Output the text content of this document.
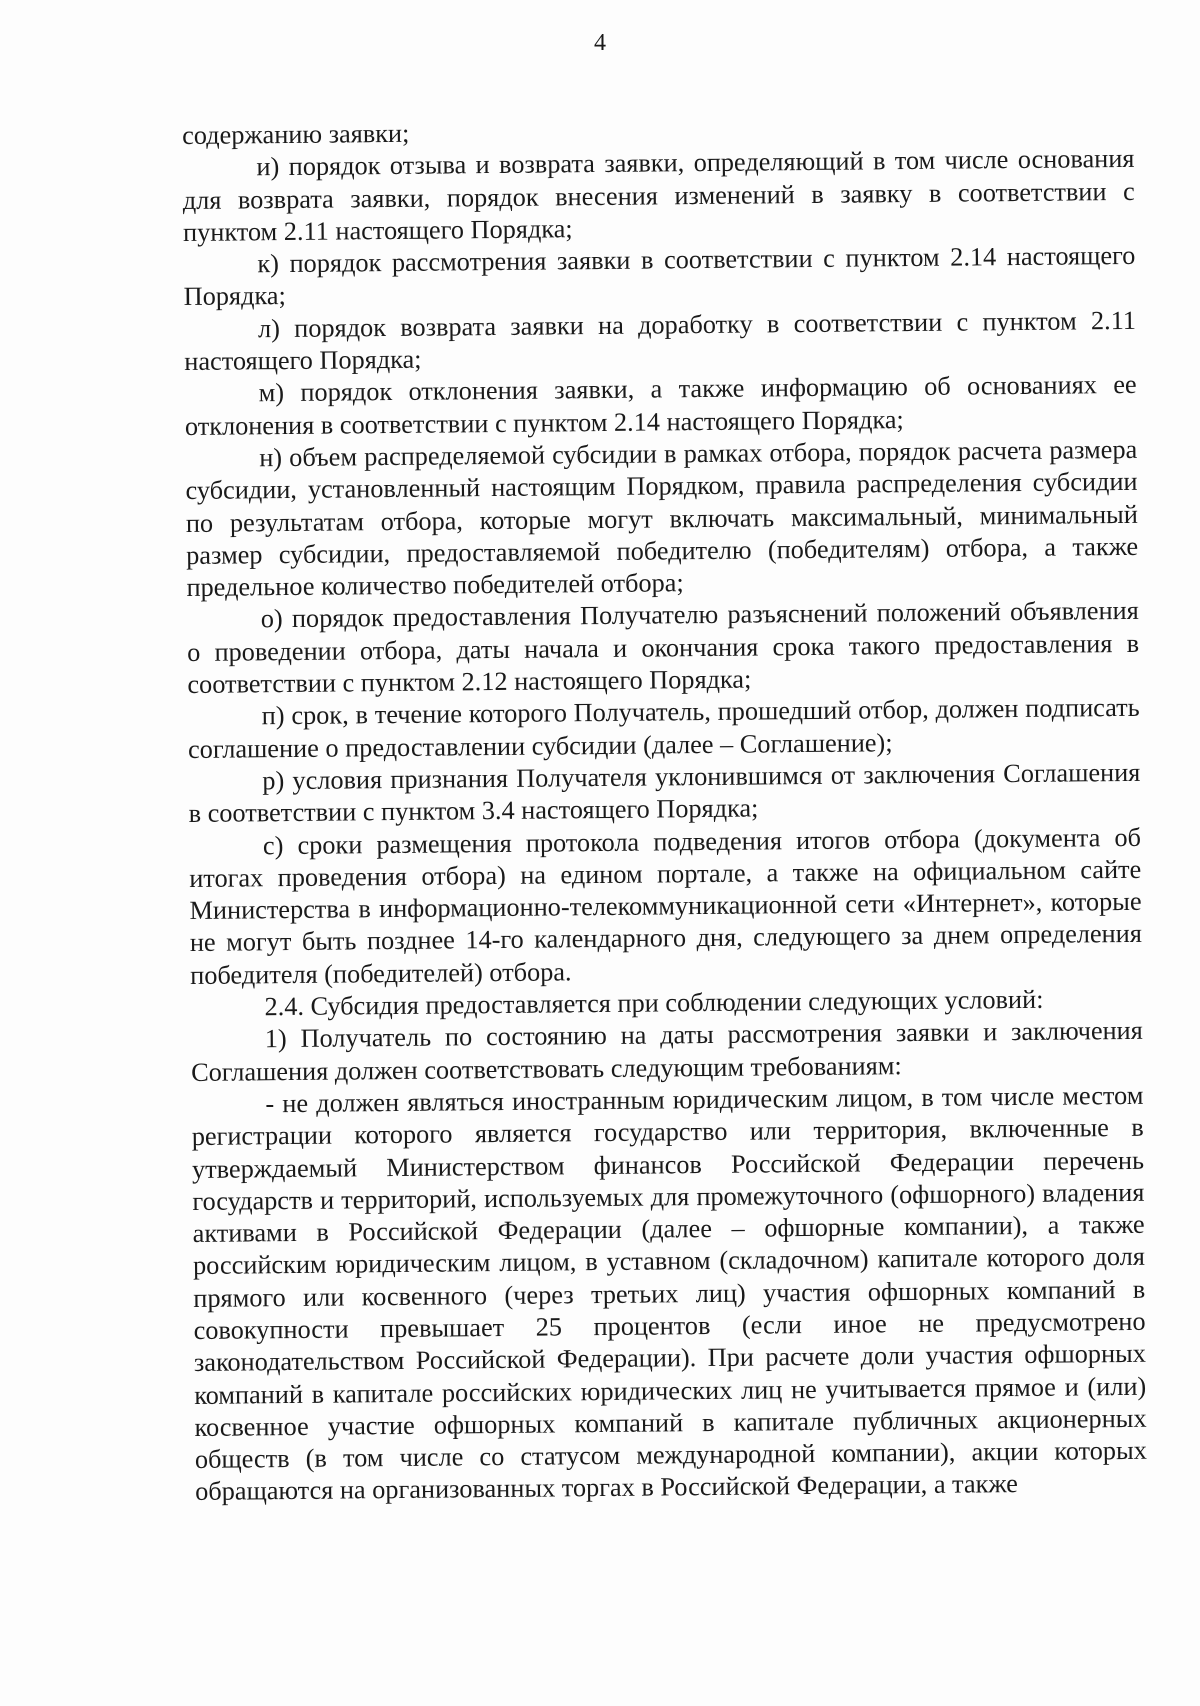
4

содержанию заявки;

и) порядок отзыва и возврата заявки, определяющий в том числе основания для возврата заявки, порядок внесения изменений в заявку в соответствии с пунктом 2.11 настоящего Порядка;

к) порядок рассмотрения заявки в соответствии с пунктом 2.14 настоящего Порядка;

л) порядок возврата заявки на доработку в соответствии с пунктом 2.11 настоящего Порядка;

м) порядок отклонения заявки, а также информацию об основаниях ее отклонения в соответствии с пунктом 2.14 настоящего Порядка;

н) объем распределяемой субсидии в рамках отбора, порядок расчета размера субсидии, установленный настоящим Порядком, правила распределения субсидии по результатам отбора, которые могут включать максимальный, минимальный размер субсидии, предоставляемой победителю (победителям) отбора, а также предельное количество победителей отбора;

о) порядок предоставления Получателю разъяснений положений объявления о проведении отбора, даты начала и окончания срока такого предоставления в соответствии с пунктом 2.12 настоящего Порядка;

п) срок, в течение которого Получатель, прошедший отбор, должен подписать соглашение о предоставлении субсидии (далее – Соглашение);

р) условия признания Получателя уклонившимся от заключения Соглашения в соответствии с пунктом 3.4 настоящего Порядка;

с) сроки размещения протокола подведения итогов отбора (документа об итогах проведения отбора) на едином портале, а также на официальном сайте Министерства в информационно-телекоммуникационной сети «Интернет», которые не могут быть позднее 14-го календарного дня, следующего за днем определения победителя (победителей) отбора.

2.4. Субсидия предоставляется при соблюдении следующих условий:

1) Получатель по состоянию на даты рассмотрения заявки и заключения Соглашения должен соответствовать следующим требованиям:

- не должен являться иностранным юридическим лицом, в том числе местом регистрации которого является государство или территория, включенные в утверждаемый Министерством финансов Российской Федерации перечень государств и территорий, используемых для промежуточного (офшорного) владения активами в Российской Федерации (далее – офшорные компании), а также российским юридическим лицом, в уставном (складочном) капитале которого доля прямого или косвенного (через третьих лиц) участия офшорных компаний в совокупности превышает 25 процентов (если иное не предусмотрено законодательством Российской Федерации). При расчете доли участия офшорных компаний в капитале российских юридических лиц не учитывается прямое и (или) косвенное участие офшорных компаний в капитале публичных акционерных обществ (в том числе со статусом международной компании), акции которых обращаются на организованных торгах в Российской Федерации, а также
